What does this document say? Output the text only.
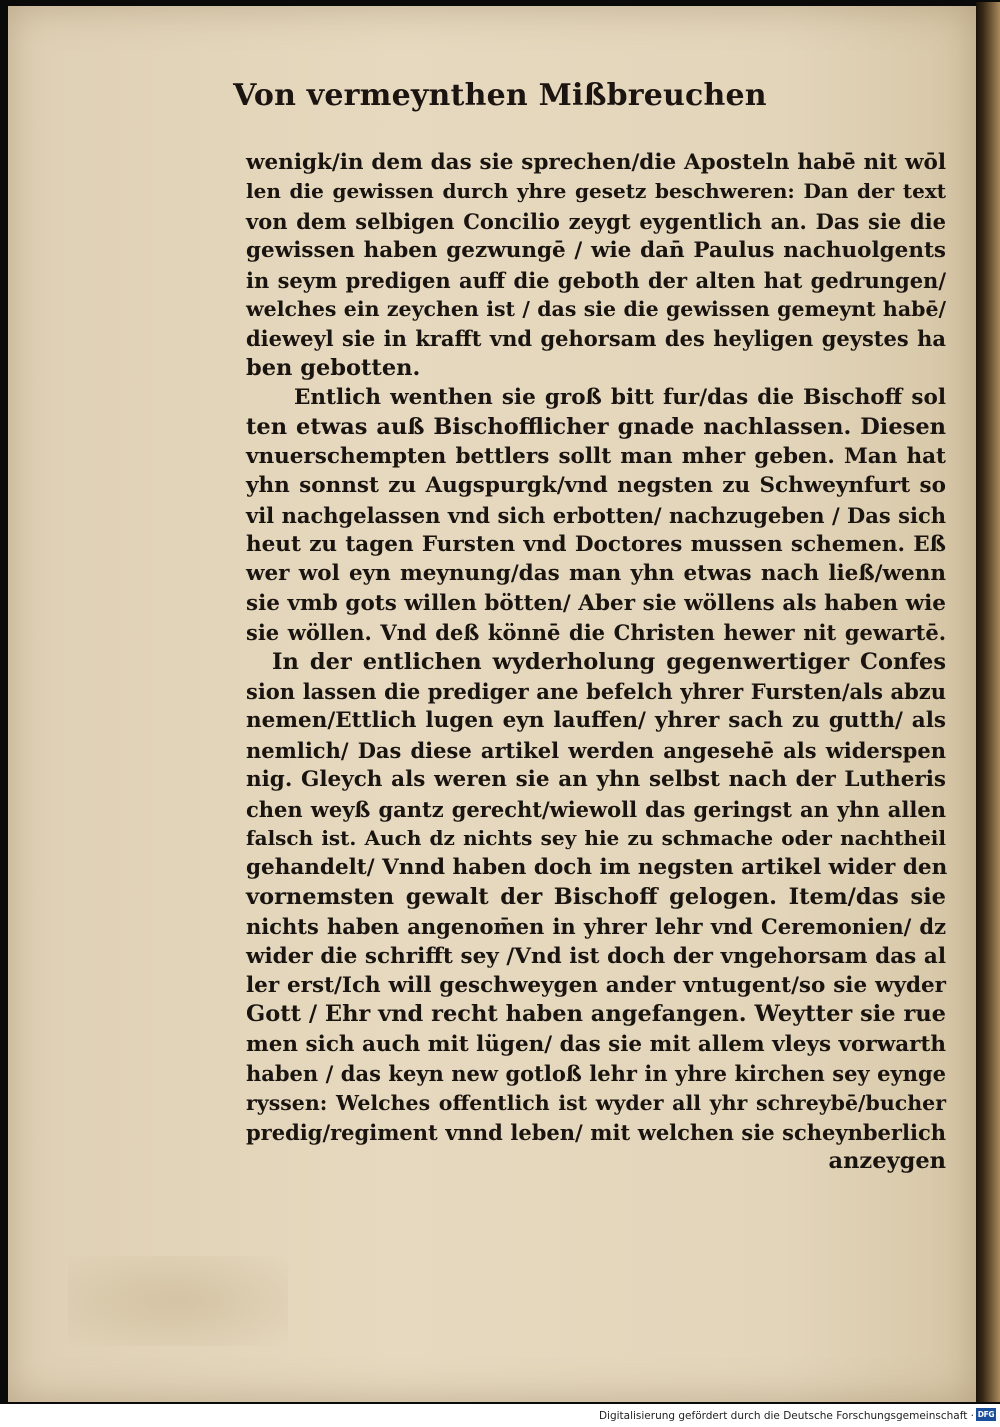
Von vermeynthen Mißbreuchen
wenigk/in dem das sie sprechen/die Aposteln habē nit wōl
len die gewissen durch yhre gesetz beschweren: Dan der text
von dem selbigen Concilio zeygt eygentlich an. Das sie die
gewissen haben gezwungē / wie dan̄ Paulus nachuolgents
in seym predigen auff die geboth der alten hat gedrungen/
welches ein zeychen ist / das sie die gewissen gemeynt habē/
dieweyl sie in krafft vnd gehorsam des heyligen geystes ha
ben gebotten.
Entlich wenthen sie groß bitt fur/das die Bischoff sol
ten etwas auß Bischofflicher gnade nachlassen. Diesen
vnuerschempten bettlers sollt man mher geben. Man hat
yhn sonnst zu Augspurgk/vnd negsten zu Schweynfurt so
vil nachgelassen vnd sich erbotten/ nachzugeben / Das sich
heut zu tagen Fursten vnd Doctores mussen schemen. Eß
wer wol eyn meynung/das man yhn etwas nach ließ/wenn
sie vmb gots willen bötten/ Aber sie wöllens als haben wie
sie wöllen. Vnd deß könnē die Christen hewer nit gewartē.
In der entlichen wyderholung gegenwertiger Confes
sion lassen die prediger ane befelch yhrer Fursten/als abzu
nemen/Ettlich lugen eyn lauffen/ yhrer sach zu gutth/ als
nemlich/ Das diese artikel werden angesehē als widerspen
nig. Gleych als weren sie an yhn selbst nach der Lutheris
chen weyß gantz gerecht/wiewoll das geringst an yhn allen
falsch ist. Auch dz nichts sey hie zu schmache oder nachtheil
gehandelt/ Vnnd haben doch im negsten artikel wider den
vornemsten gewalt der Bischoff gelogen. Item/das sie
nichts haben angenom̄en in yhrer lehr vnd Ceremonien/ dz
wider die schrifft sey /Vnd ist doch der vngehorsam das al
ler erst/Ich will geschweygen ander vntugent/so sie wyder
Gott / Ehr vnd recht haben angefangen. Weytter sie rue
men sich auch mit lügen/ das sie mit allem vleys vorwarth
haben / das keyn new gotloß lehr in yhre kirchen sey eynge
ryssen: Welches offentlich ist wyder all yhr schreybē/bucher
predig/regiment vnnd leben/ mit welchen sie scheynberlich
anzeygen
Digitalisierung gefördert durch die Deutsche Forschungsgemeinschaft · DFG
